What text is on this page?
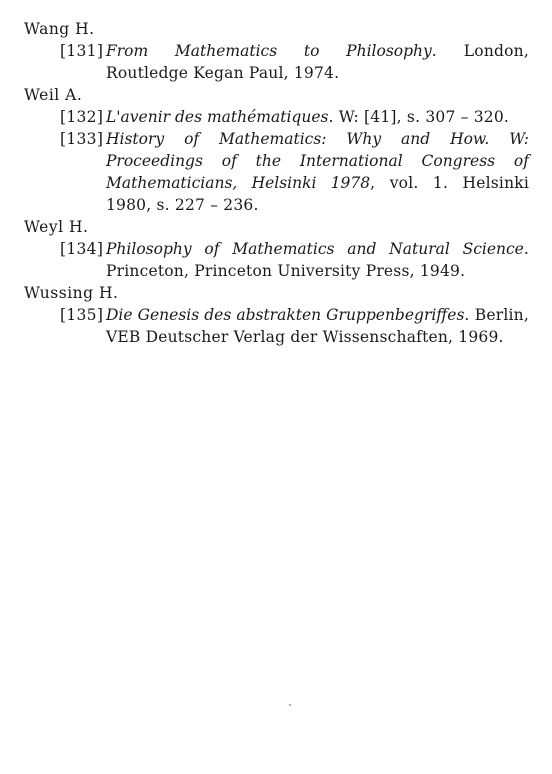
Wang H.
[131] From Mathematics to Philosophy. London, Routledge Kegan Paul, 1974.
Weil A.
[132] L'avenir des mathématiques. W: [41], s. 307 – 320.
[133] History of Mathematics: Why and How. W: Proceedings of the International Congress of Mathematicians, Helsinki 1978, vol. 1. Helsinki 1980, s. 227 – 236.
Weyl H.
[134] Philosophy of Mathematics and Natural Science. Princeton, Princeton University Press, 1949.
Wussing H.
[135] Die Genesis des abstrakten Gruppenbegriffes. Berlin, VEB Deutscher Verlag der Wissenschaften, 1969.
